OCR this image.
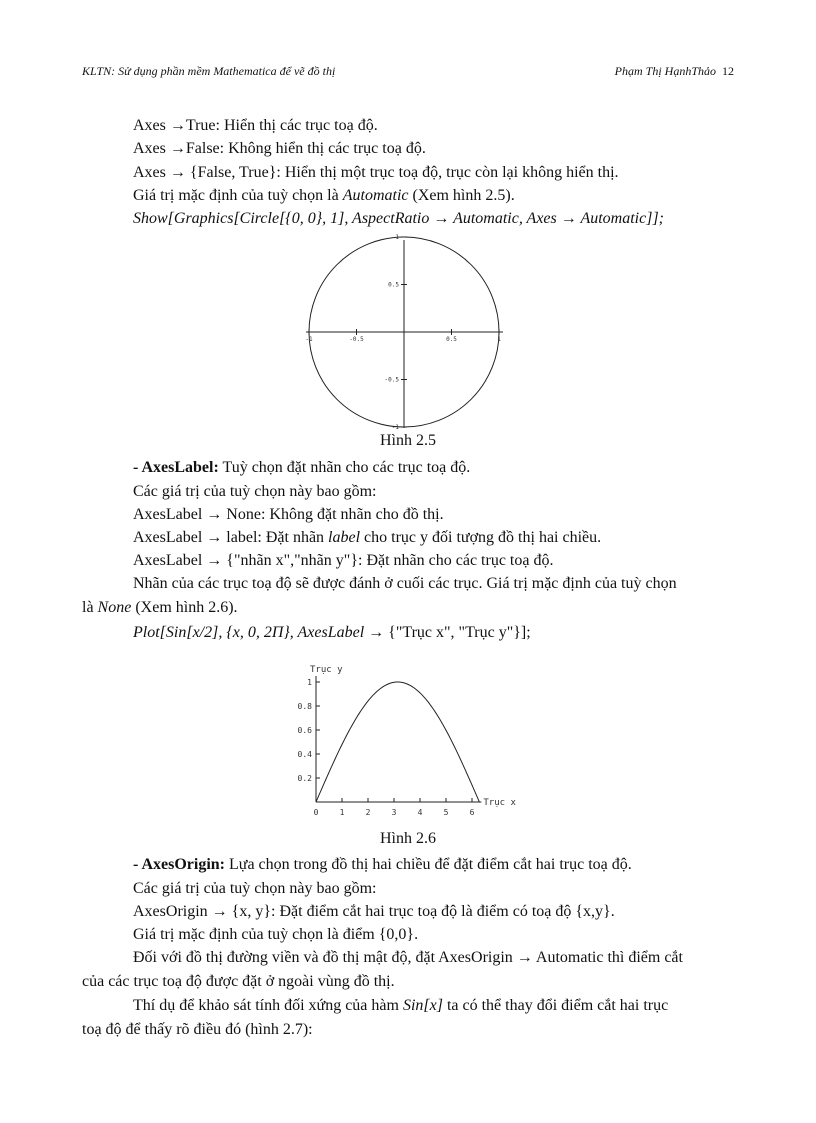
KLTN: Sử dụng phần mềm Mathematica để vẽ đồ thị	Phạm Thị HạnhThảo 12
Axes →True: Hiển thị các trục toạ độ.
Axes →False: Không hiển thị các trục toạ độ.
Axes → {False, True}: Hiển thị một trục toạ độ, trục còn lại không hiển thị.
Giá trị mặc định của tuỳ chọn là Automatic (Xem hình 2.5).
Show[Graphics[Circle[{0, 0}, 1], AspectRatio → Automatic, Axes → Automatic]];
-1	-0.5	0.5	1
1
0.5
-0.5
-1
Hình 2.5
- AxesLabel: Tuỳ chọn đặt nhãn cho các trục toạ độ.
Các giá trị của tuỳ chọn này bao gồm:
AxesLabel → None: Không đặt nhãn cho đồ thị.
AxesLabel → label: Đặt nhãn label cho trục y đối tượng đồ thị hai chiều.
AxesLabel → {"nhãn x","nhãn y"}: Đặt nhãn cho các trục toạ độ.
Nhãn của các trục toạ độ sẽ được đánh ở cuối các trục. Giá trị mặc định của tuỳ chọn
là None (Xem hình 2.6).
Plot[Sin[x/2], {x, 0, 2Π}, AxesLabel → {"Trục x", "Trục y"}];
0	1	2	3	4	5	6
0.2
0.4
0.6
0.8
1
Trục x
Trục y
Hình 2.6
- AxesOrigin: Lựa chọn trong đồ thị hai chiều để đặt điểm cắt hai trục toạ độ.
Các giá trị của tuỳ chọn này bao gồm:
AxesOrigin → {x, y}: Đặt điểm cắt hai trục toạ độ là điểm có toạ độ {x,y}.
Giá trị mặc định của tuỳ chọn là điểm {0,0}.
Đối với đồ thị đường viền và đồ thị mật độ, đặt AxesOrigin → Automatic thì điểm cắt
của các trục toạ độ được đặt ở ngoài vùng đồ thị.
Thí dụ để khảo sát tính đối xứng của hàm Sin[x] ta có thể thay đổi điểm cắt hai trục
toạ độ để thấy rõ điều đó (hình 2.7):
